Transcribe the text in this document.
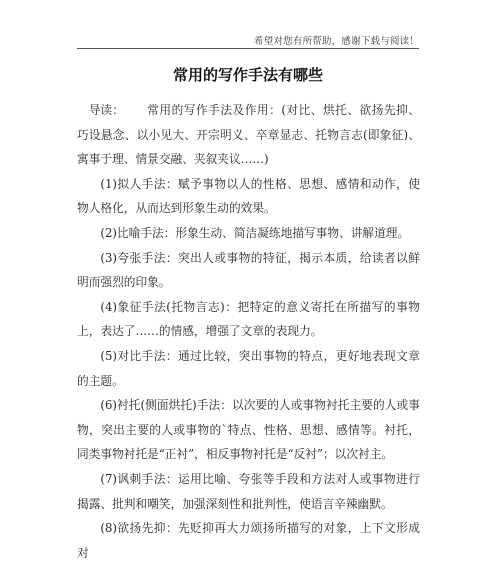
希望对您有所帮助，感谢下载与阅读！
常用的写作手法有哪些

导读： 常用的写作手法及作用：(对比、烘托、欲扬先抑、巧设悬念、以小见大、开宗明义、卒章显志、托物言志(即象征)、寓事于理、情景交融、夹叙夹议……)

(1)拟人手法：赋予事物以人的性格、思想、感情和动作，使物人格化，从而达到形象生动的效果。

(2)比喻手法：形象生动、简洁凝练地描写事物、讲解道理。

(3)夸张手法：突出人或事物的特征，揭示本质，给读者以鲜明而强烈的印象。

(4)象征手法(托物言志)：把特定的意义寄托在所描写的事物上，表达了……的情感，增强了文章的表现力。

(5)对比手法：通过比较，突出事物的特点，更好地表现文章的主题。

(6)衬托(侧面烘托)手法：以次要的人或事物衬托主要的人或事物，突出主要的人或事物的`特点、性格、思想、感情等。衬托，同类事物衬托是“正衬”，相反事物衬托是“反衬”；以次衬主。

(7)讽刺手法：运用比喻、夸张等手段和方法对人或事物进行揭露、批判和嘲笑，加强深刻性和批判性，使语言辛辣幽默。

(8)欲扬先抑：先贬抑再大力颂扬所描写的对象，上下文形成对
